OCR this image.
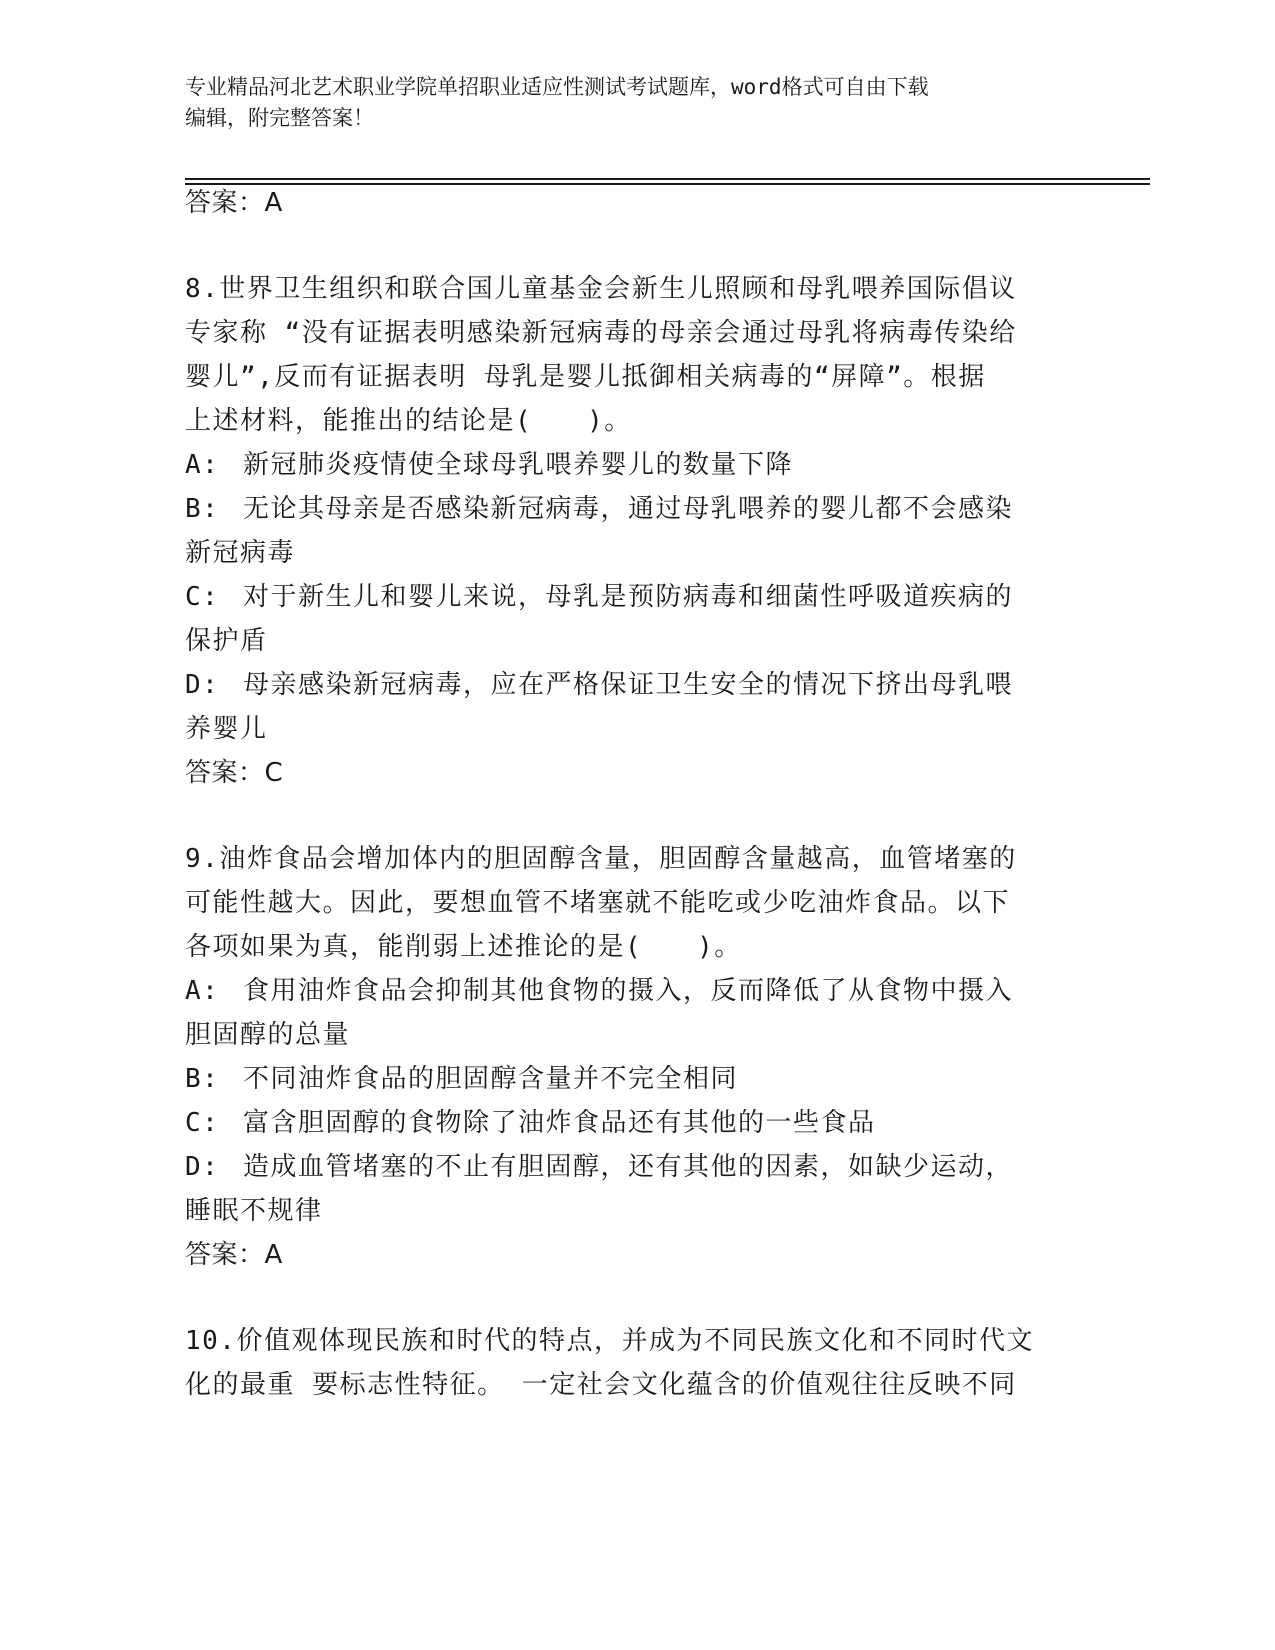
专业精品河北艺术职业学院单招职业适应性测试考试题库，word格式可自由下载
编辑，附完整答案！
答案：A
8.世界卫生组织和联合国儿童基金会新生儿照顾和母乳喂养国际倡议
专家称 “没有证据表明感染新冠病毒的母亲会通过母乳将病毒传染给
婴儿”,反而有证据表明 母乳是婴儿抵御相关病毒的“屏障”。根据
上述材料，能推出的结论是(　　)。
A: 新冠肺炎疫情使全球母乳喂养婴儿的数量下降
B: 无论其母亲是否感染新冠病毒，通过母乳喂养的婴儿都不会感染
新冠病毒
C: 对于新生儿和婴儿来说，母乳是预防病毒和细菌性呼吸道疾病的
保护盾
D: 母亲感染新冠病毒，应在严格保证卫生安全的情况下挤出母乳喂
养婴儿
答案：C
9.油炸食品会增加体内的胆固醇含量，胆固醇含量越高，血管堵塞的
可能性越大。因此，要想血管不堵塞就不能吃或少吃油炸食品。以下
各项如果为真，能削弱上述推论的是(　　)。
A: 食用油炸食品会抑制其他食物的摄入，反而降低了从食物中摄入
胆固醇的总量
B: 不同油炸食品的胆固醇含量并不完全相同
C: 富含胆固醇的食物除了油炸食品还有其他的一些食品
D: 造成血管堵塞的不止有胆固醇，还有其他的因素，如缺少运动，
睡眠不规律
答案：A
10.价值观体现民族和时代的特点，并成为不同民族文化和不同时代文
化的最重 要标志性特征。 一定社会文化蕴含的价值观往往反映不同
